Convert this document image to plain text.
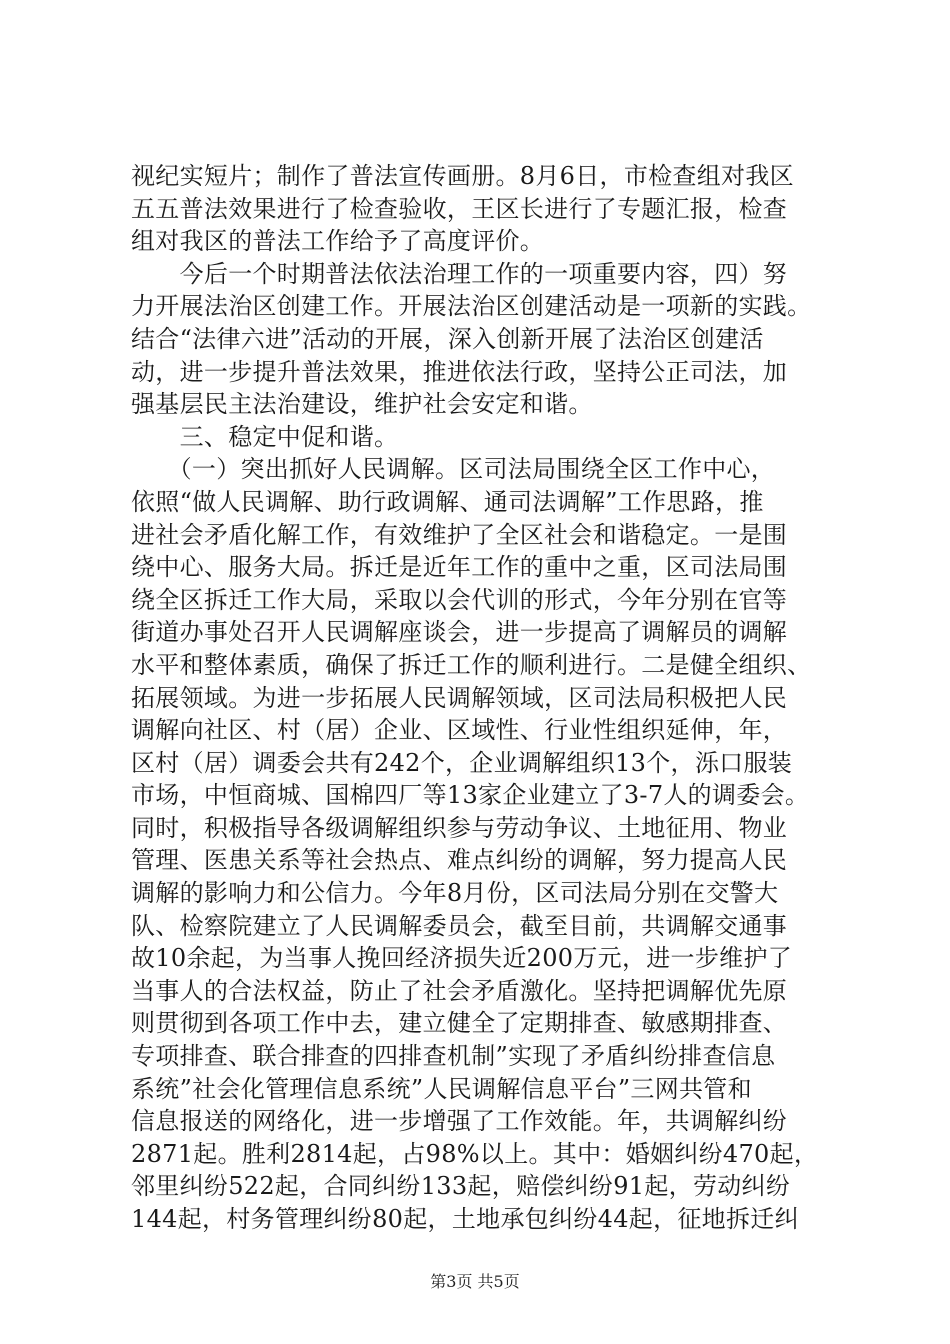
视纪实短片；制作了普法宣传画册。8月6日，市检查组对我区
五五普法效果进行了检查验收，王区长进行了专题汇报，检查
组对我区的普法工作给予了高度评价。
　　今后一个时期普法依法治理工作的一项重要内容，四）努
力开展法治区创建工作。开展法治区创建活动是一项新的实践。
结合“法律六进”活动的开展，深入创新开展了法治区创建活
动，进一步提升普法效果，推进依法行政，坚持公正司法，加
强基层民主法治建设，维护社会安定和谐。
　　三、稳定中促和谐。
　　（一）突出抓好人民调解。区司法局围绕全区工作中心，
依照“做人民调解、助行政调解、通司法调解”工作思路，推
进社会矛盾化解工作，有效维护了全区社会和谐稳定。一是围
绕中心、服务大局。拆迁是近年工作的重中之重，区司法局围
绕全区拆迁工作大局，采取以会代训的形式，今年分别在官等
街道办事处召开人民调解座谈会，进一步提高了调解员的调解
水平和整体素质，确保了拆迁工作的顺利进行。二是健全组织、
拓展领域。为进一步拓展人民调解领域，区司法局积极把人民
调解向社区、村（居）企业、区域性、行业性组织延伸，年，
区村（居）调委会共有242个，企业调解组织13个，泺口服装
市场，中恒商城、国棉四厂等13家企业建立了3-7人的调委会。
同时，积极指导各级调解组织参与劳动争议、土地征用、物业
管理、医患关系等社会热点、难点纠纷的调解，努力提高人民
调解的影响力和公信力。今年8月份，区司法局分别在交警大
队、检察院建立了人民调解委员会，截至目前，共调解交通事
故10余起，为当事人挽回经济损失近200万元，进一步维护了
当事人的合法权益，防止了社会矛盾激化。坚持把调解优先原
则贯彻到各项工作中去，建立健全了定期排查、敏感期排查、
专项排查、联合排查的四排查机制”实现了矛盾纠纷排查信息
系统”社会化管理信息系统”人民调解信息平台”三网共管和
信息报送的网络化，进一步增强了工作效能。年，共调解纠纷
2871起。胜利2814起，占98%以上。其中：婚姻纠纷470起，
邻里纠纷522起，合同纠纷133起，赔偿纠纷91起，劳动纠纷
144起，村务管理纠纷80起，土地承包纠纷44起，征地拆迁纠
第3页 共5页
